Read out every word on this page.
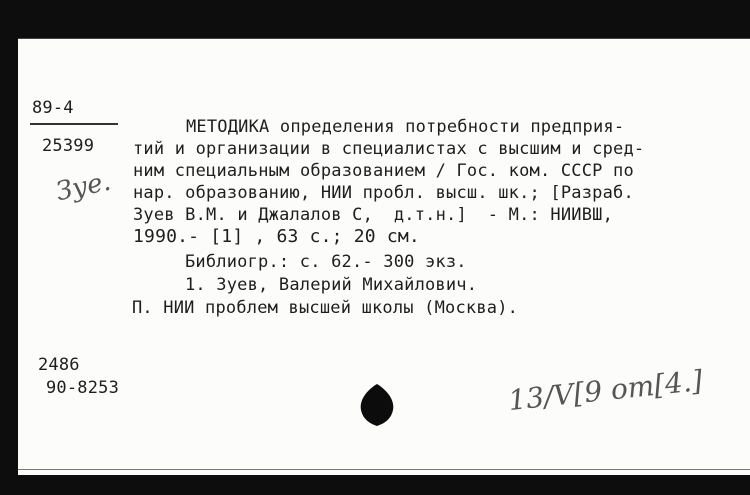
89-4
25399
Зуе.
МЕТОДИКА определения потребности предприя-
тий и организации в специалистах с высшим и сред-
ним специальным образованием / Гос. ком. СССР по
нар. образованию, НИИ пробл. высш. шк.; [Разраб.
Зуев В.М. и Джалалов С,  д.т.н.]  - М.: НИИВШ,
1990.- [1] , 63 с.; 20 см.
Библиогр.: с. 62.- 300 экз.
1. Зуев, Валерий Михайлович.
П. НИИ проблем высшей школы (Москва).
2486
90-8253	13/V[9 om[4.]
